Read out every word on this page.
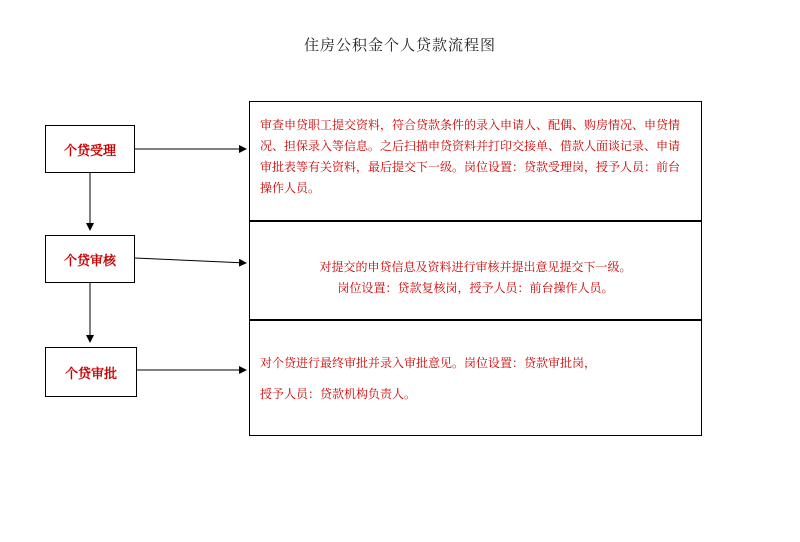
住房公积金个人贷款流程图
个贷受理
个贷审核
个贷审批

审查申贷职工提交资料，符合贷款条件的录入申请人、配偶、购房情况、申贷情况、担保录入等信息。之后扫描申贷资料并打印交接单、借款人面谈记录、申请审批表等有关资料，最后提交下一级。岗位设置：贷款受理岗，授予人员：前台操作人员。

对提交的申贷信息及资料进行审核并提出意见提交下一级。

岗位设置：贷款复核岗，授予人员：前台操作人员。

对个贷进行最终审批并录入审批意见。岗位设置：贷款审批岗，

授予人员：贷款机构负责人。
